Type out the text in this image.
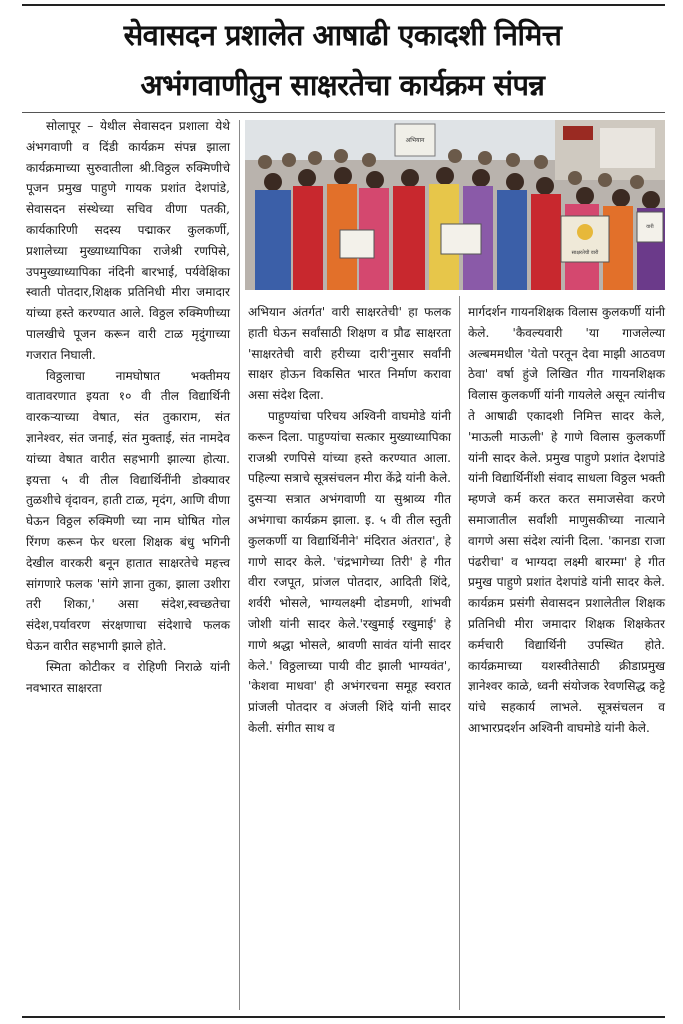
सेवासदन प्रशालेत आषाढी एकादशी निमित्त
अभंगवाणीतुन साक्षरतेचा कार्यक्रम संपन्न
अभियान
साक्षरतेची वारी
वारी

सोलापूर – येथील सेवासदन प्रशाला येथे अंभगवाणी व दिंडी कार्यक्रम संपन्न झाला कार्यक्रमाच्या सुरुवातीला श्री.विठ्ठल रुक्मिणीचे पूजन प्रमुख पाहुणे गायक प्रशांत देशपांडे, सेवासदन संस्थेच्या सचिव वीणा पतकी, कार्यकारिणी सदस्य पद्माकर कुलकर्णी, प्रशालेच्या मुख्याध्यापिका राजेश्री रणपिसे, उपमुख्याध्यापिका नंदिनी बारभाई, पर्यवेक्षिका स्वाती पोतदार,शिक्षक प्रतिनिधी मीरा जमादार यांच्या हस्ते करण्यात आले. विठ्ठल रुक्मिणीच्या पालखीचे पूजन करून वारी टाळ मृदुंगाच्या गजरात निघाली.

विठ्ठलाचा नामघोषात भक्तीमय वातावरणात इयता १० वी तील विद्यार्थिनी वारकऱ्याच्या वेषात, संत तुकाराम, संत ज्ञानेश्वर, संत जनाई, संत मुक्ताई, संत नामदेव यांच्या वेषात वारीत सहभागी झाल्या होत्या. इयत्ता ५ वी तील विद्यार्थिनींनी डोक्यावर तुळशीचे वृंदावन, हाती टाळ, मृदंग, आणि वीणा घेऊन विठ्ठल रुक्मिणी च्या नाम घोषित गोल रिंगण करून फेर धरला शिक्षक बंधु भगिनी देखील वारकरी बनून हातात साक्षरतेचे महत्त्व सांगणारे फलक 'सांगे ज्ञाना तुका, झाला उशीरा तरी शिका,' असा संदेश,स्वच्छतेचा संदेश,पर्यावरण संरक्षणाचा संदेशाचे फलक घेऊन वारीत सहभागी झाले होते.

स्मिता कोटीकर व रोहिणी निराळे यांनी नवभारत साक्षरता

अभियान अंतर्गत' वारी साक्षरतेची' हा फलक हाती घेऊन सर्वांसाठी शिक्षण व प्रौढ साक्षरता 'साक्षरतेची वारी हरीच्या दारी'नुसार सर्वांनी साक्षर होऊन विकसित भारत निर्माण करावा असा संदेश दिला.

पाहुण्यांचा परिचय अश्विनी वाघमोडे यांनी करून दिला. पाहुण्यांचा सत्कार मुख्याध्यापिका राजश्री रणपिसे यांच्या हस्ते करण्यात आला. पहिल्या सत्राचे सूत्रसंचलन मीरा केंद्रे यांनी केले. दुसऱ्या सत्रात अभंगवाणी या सुश्राव्य गीत अभंगाचा कार्यक्रम झाला. इ. ५ वी तील स्तुती कुलकर्णी या विद्यार्थिनीने' मंदिरात अंतरात', हे गाणे सादर केले. 'चंद्रभागेच्या तिरी' हे गीत वीरा रजपूत, प्रांजल पोतदार, आदिती शिंदे, शर्वरी भोसले, भाग्यलक्ष्मी दोडमणी, शांभवी जोशी यांनी सादर केले.'रखुमाई रखुमाई' हे गाणे श्रद्धा भोसले, श्रावणी सावंत यांनी सादर केले.' विठ्ठलाच्या पायी वीट झाली भाग्यवंत', 'केशवा माधवा' ही अभंगरचना समूह स्वरात प्रांजली पोतदार व अंजली शिंदे यांनी सादर केली. संगीत साथ व

मार्गदर्शन गायनशिक्षक विलास कुलकर्णी यांनी केले. 'कैवल्यवारी 'या गाजलेल्या अल्बममधील 'येतो परतून देवा माझी आठवण ठेवा' वर्षा हुंजे लिखित गीत गायनशिक्षक विलास कुलकर्णी यांनी गायलेले असून त्यांनीच ते आषाढी एकादशी निमित्त सादर केले, 'माऊली माऊली' हे गाणे विलास कुलकर्णी यांनी सादर केले. प्रमुख पाहुणे प्रशांत देशपांडे यांनी विद्यार्थिनींशी संवाद साधला विठ्ठल भक्ती म्हणजे कर्म करत करत समाजसेवा करणे समाजातील सर्वांशी माणुसकीच्या नात्याने वागणे असा संदेश त्यांनी दिला. 'कानडा राजा पंढरीचा' व भाग्यदा लक्ष्मी बारम्मा' हे गीत प्रमुख पाहुणे प्रशांत देशपांडे यांनी सादर केले. कार्यक्रम प्रसंगी सेवासदन प्रशालेतील शिक्षक प्रतिनिधी मीरा जमादार शिक्षक शिक्षकेतर कर्मचारी विद्यार्थिनी उपस्थित होते. कार्यक्रमाच्या यशस्वीतेसाठी क्रीडाप्रमुख ज्ञानेश्वर काळे, ध्वनी संयोजक रेवणसिद्ध कट्टे यांचे सहकार्य लाभले. सूत्रसंचलन व आभारप्रदर्शन अश्विनी वाघमोडे यांनी केले.
